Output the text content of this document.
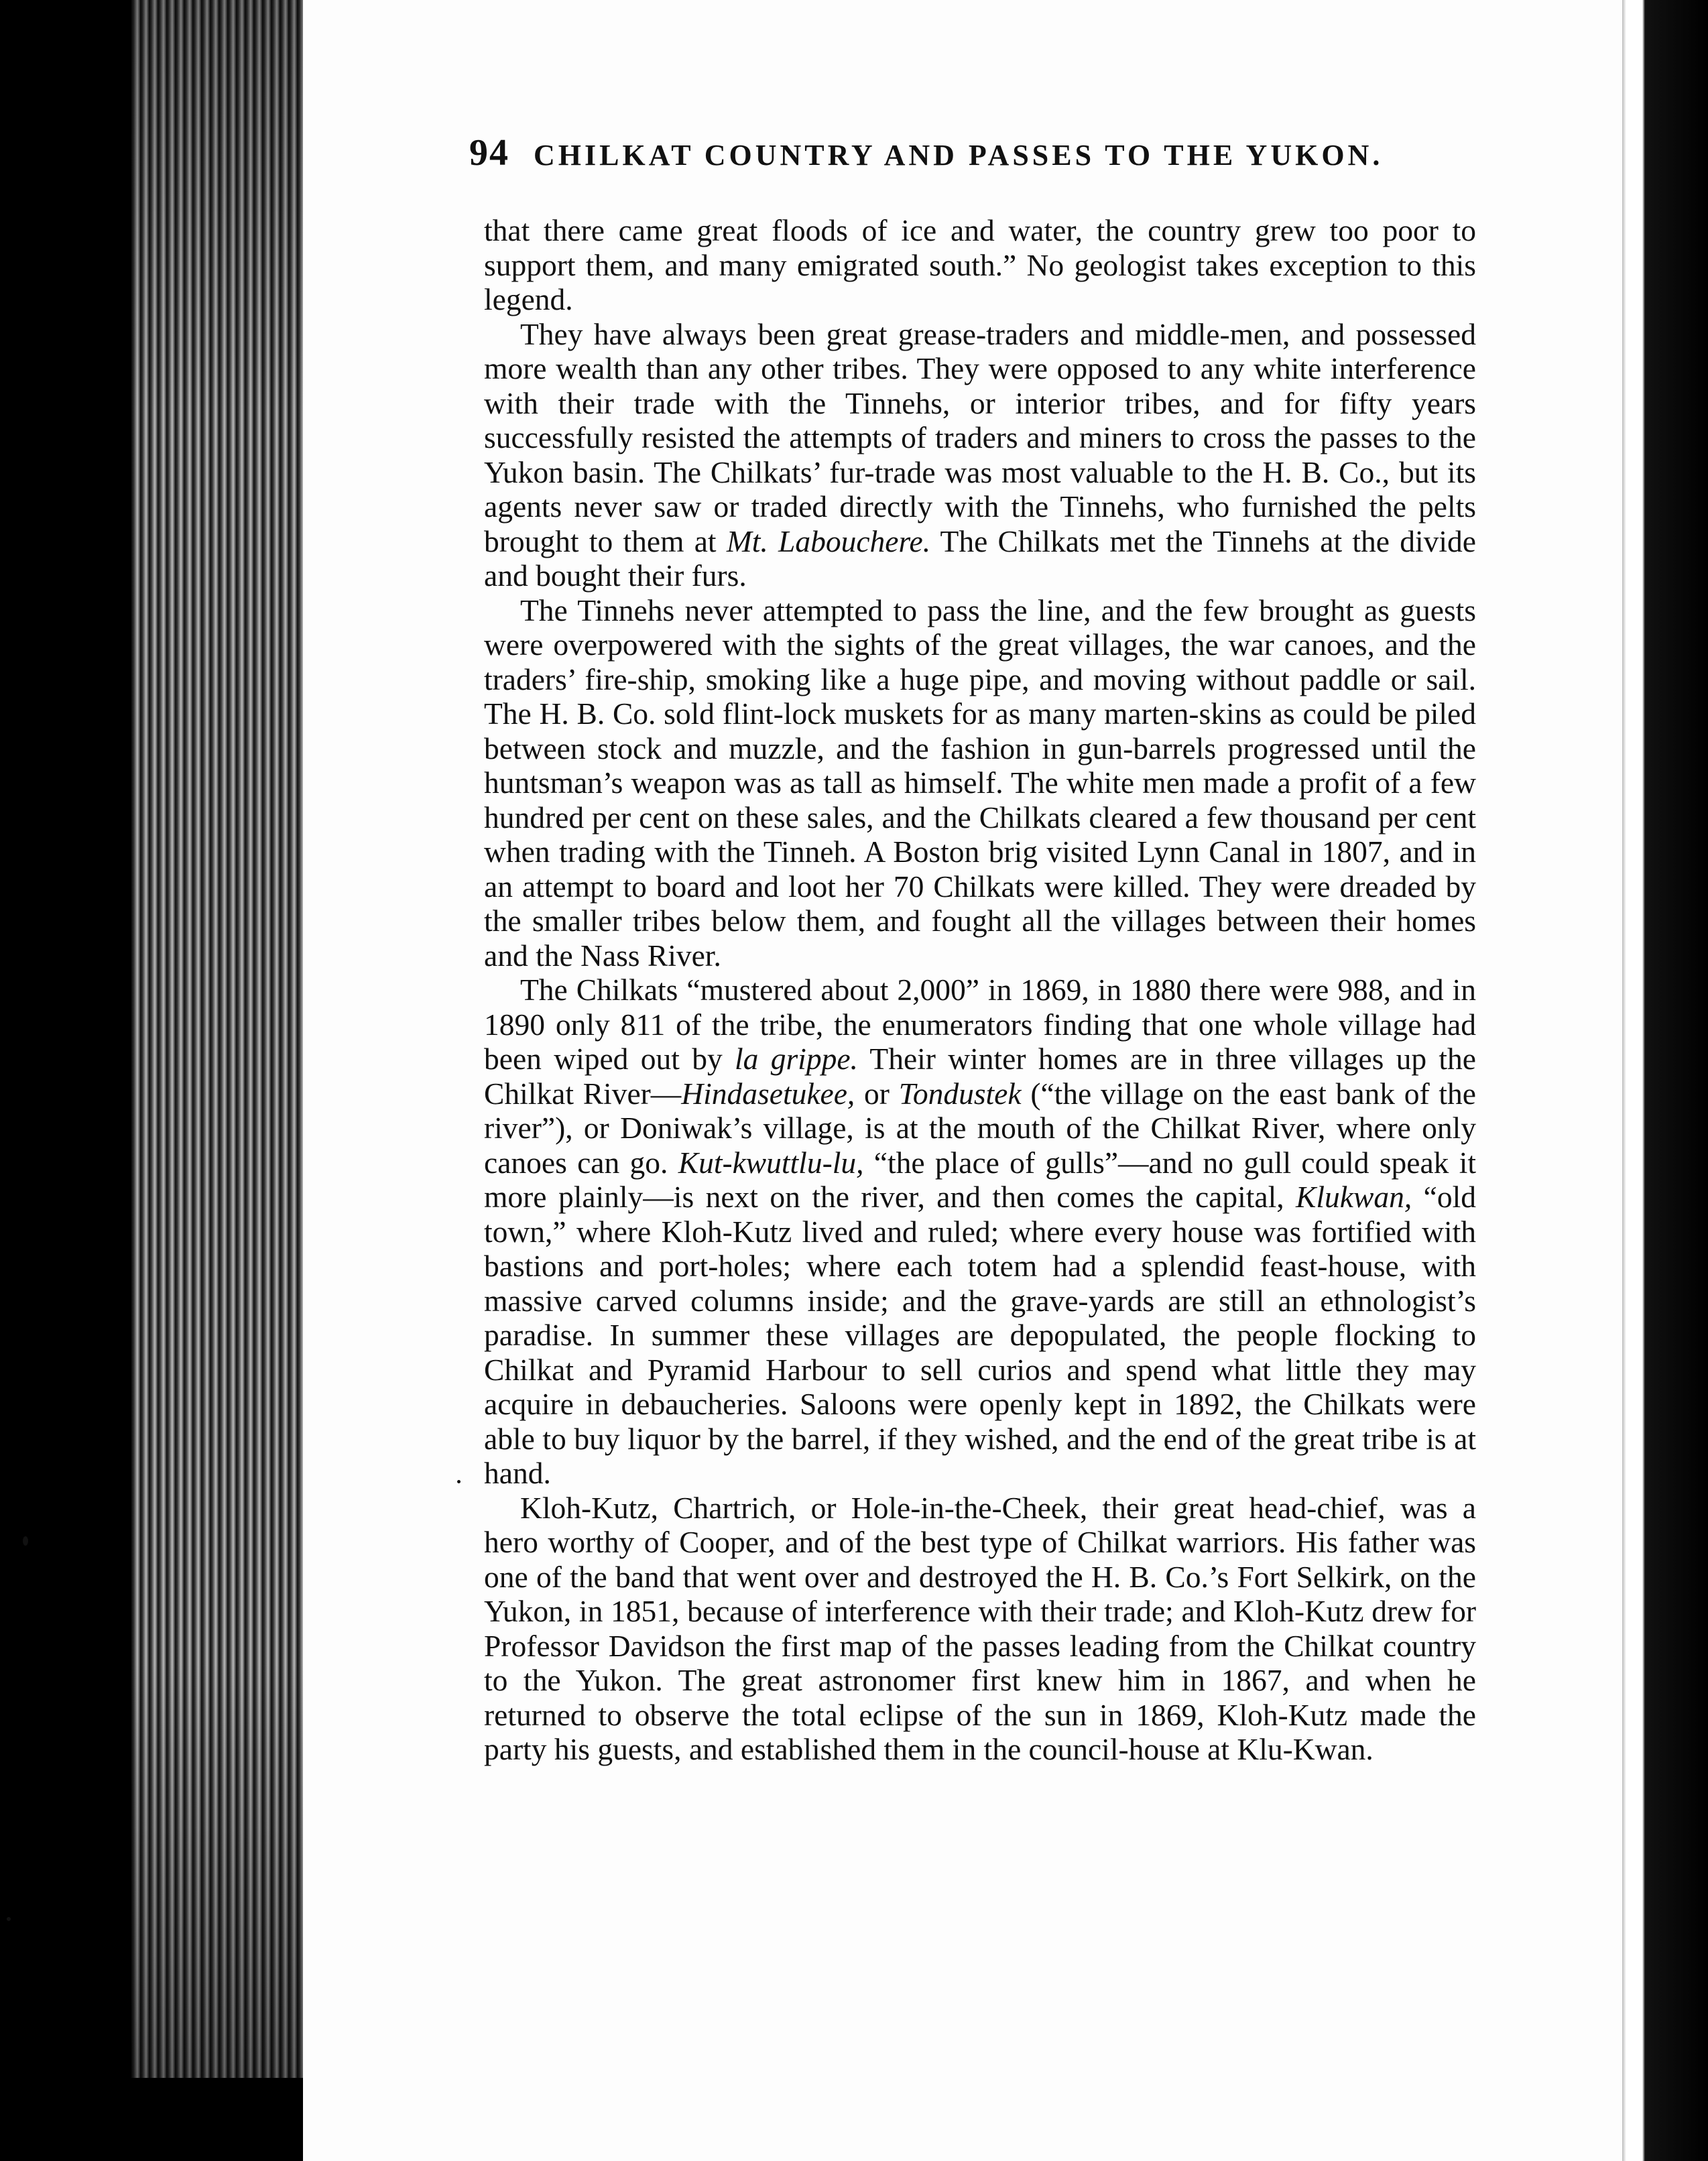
94 CHILKAT COUNTRY AND PASSES TO THE YUKON.

that there came great floods of ice and water, the country grew too poor to support them, and many emigrated south.” No geologist takes exception to this legend.

They have always been great grease-traders and middle-men, and possessed more wealth than any other tribes. They were opposed to any white interference with their trade with the Tinnehs, or interior tribes, and for fifty years successfully resisted the attempts of traders and miners to cross the passes to the Yukon basin. The Chilkats’ fur-trade was most valuable to the H. B. Co., but its agents never saw or traded directly with the Tinnehs, who furnished the pelts brought to them at Mt. Labouchere. The Chilkats met the Tinnehs at the divide and bought their furs.

The Tinnehs never attempted to pass the line, and the few brought as guests were overpowered with the sights of the great villages, the war canoes, and the traders’ fire-ship, smoking like a huge pipe, and moving without paddle or sail. The H. B. Co. sold flint-lock muskets for as many marten-skins as could be piled between stock and muzzle, and the fashion in gun-barrels progressed until the huntsman’s weapon was as tall as himself. The white men made a profit of a few hundred per cent on these sales, and the Chilkats cleared a few thousand per cent when trading with the Tinneh. A Boston brig visited Lynn Canal in 1807, and in an attempt to board and loot her 70 Chilkats were killed. They were dreaded by the smaller tribes below them, and fought all the villages between their homes and the Nass River.

The Chilkats “mustered about 2,000” in 1869, in 1880 there were 988, and in 1890 only 811 of the tribe, the enumerators finding that one whole village had been wiped out by la grippe. Their winter homes are in three villages up the Chilkat River—Hindasetukee, or Tondustek (“the village on the east bank of the river”), or Doniwak’s village, is at the mouth of the Chilkat River, where only canoes can go. Kut-kwuttlu-lu, “the place of gulls”—and no gull could speak it more plainly—is next on the river, and then comes the capital, Klukwan, “old town,” where Kloh-Kutz lived and ruled; where every house was fortified with bastions and port-holes; where each totem had a splendid feast-house, with massive carved columns inside; and the grave-yards are still an ethnologist’s paradise. In summer these villages are depopulated, the people flocking to Chilkat and Pyramid Harbour to sell curios and spend what little they may acquire in debaucheries. Saloons were openly kept in 1892, the Chilkats were able to buy liquor by the barrel, if they wished, and the end of the great tribe is at hand.

Kloh-Kutz, Chartrich, or Hole-in-the-Cheek, their great head-chief, was a hero worthy of Cooper, and of the best type of Chilkat warriors. His father was one of the band that went over and destroyed the H. B. Co.’s Fort Selkirk, on the Yukon, in 1851, because of interference with their trade; and Kloh-Kutz drew for Professor Davidson the first map of the passes leading from the Chilkat country to the Yukon. The great astronomer first knew him in 1867, and when he returned to observe the total eclipse of the sun in 1869, Kloh-Kutz made the party his guests, and established them in the council-house at Klu-Kwan.
